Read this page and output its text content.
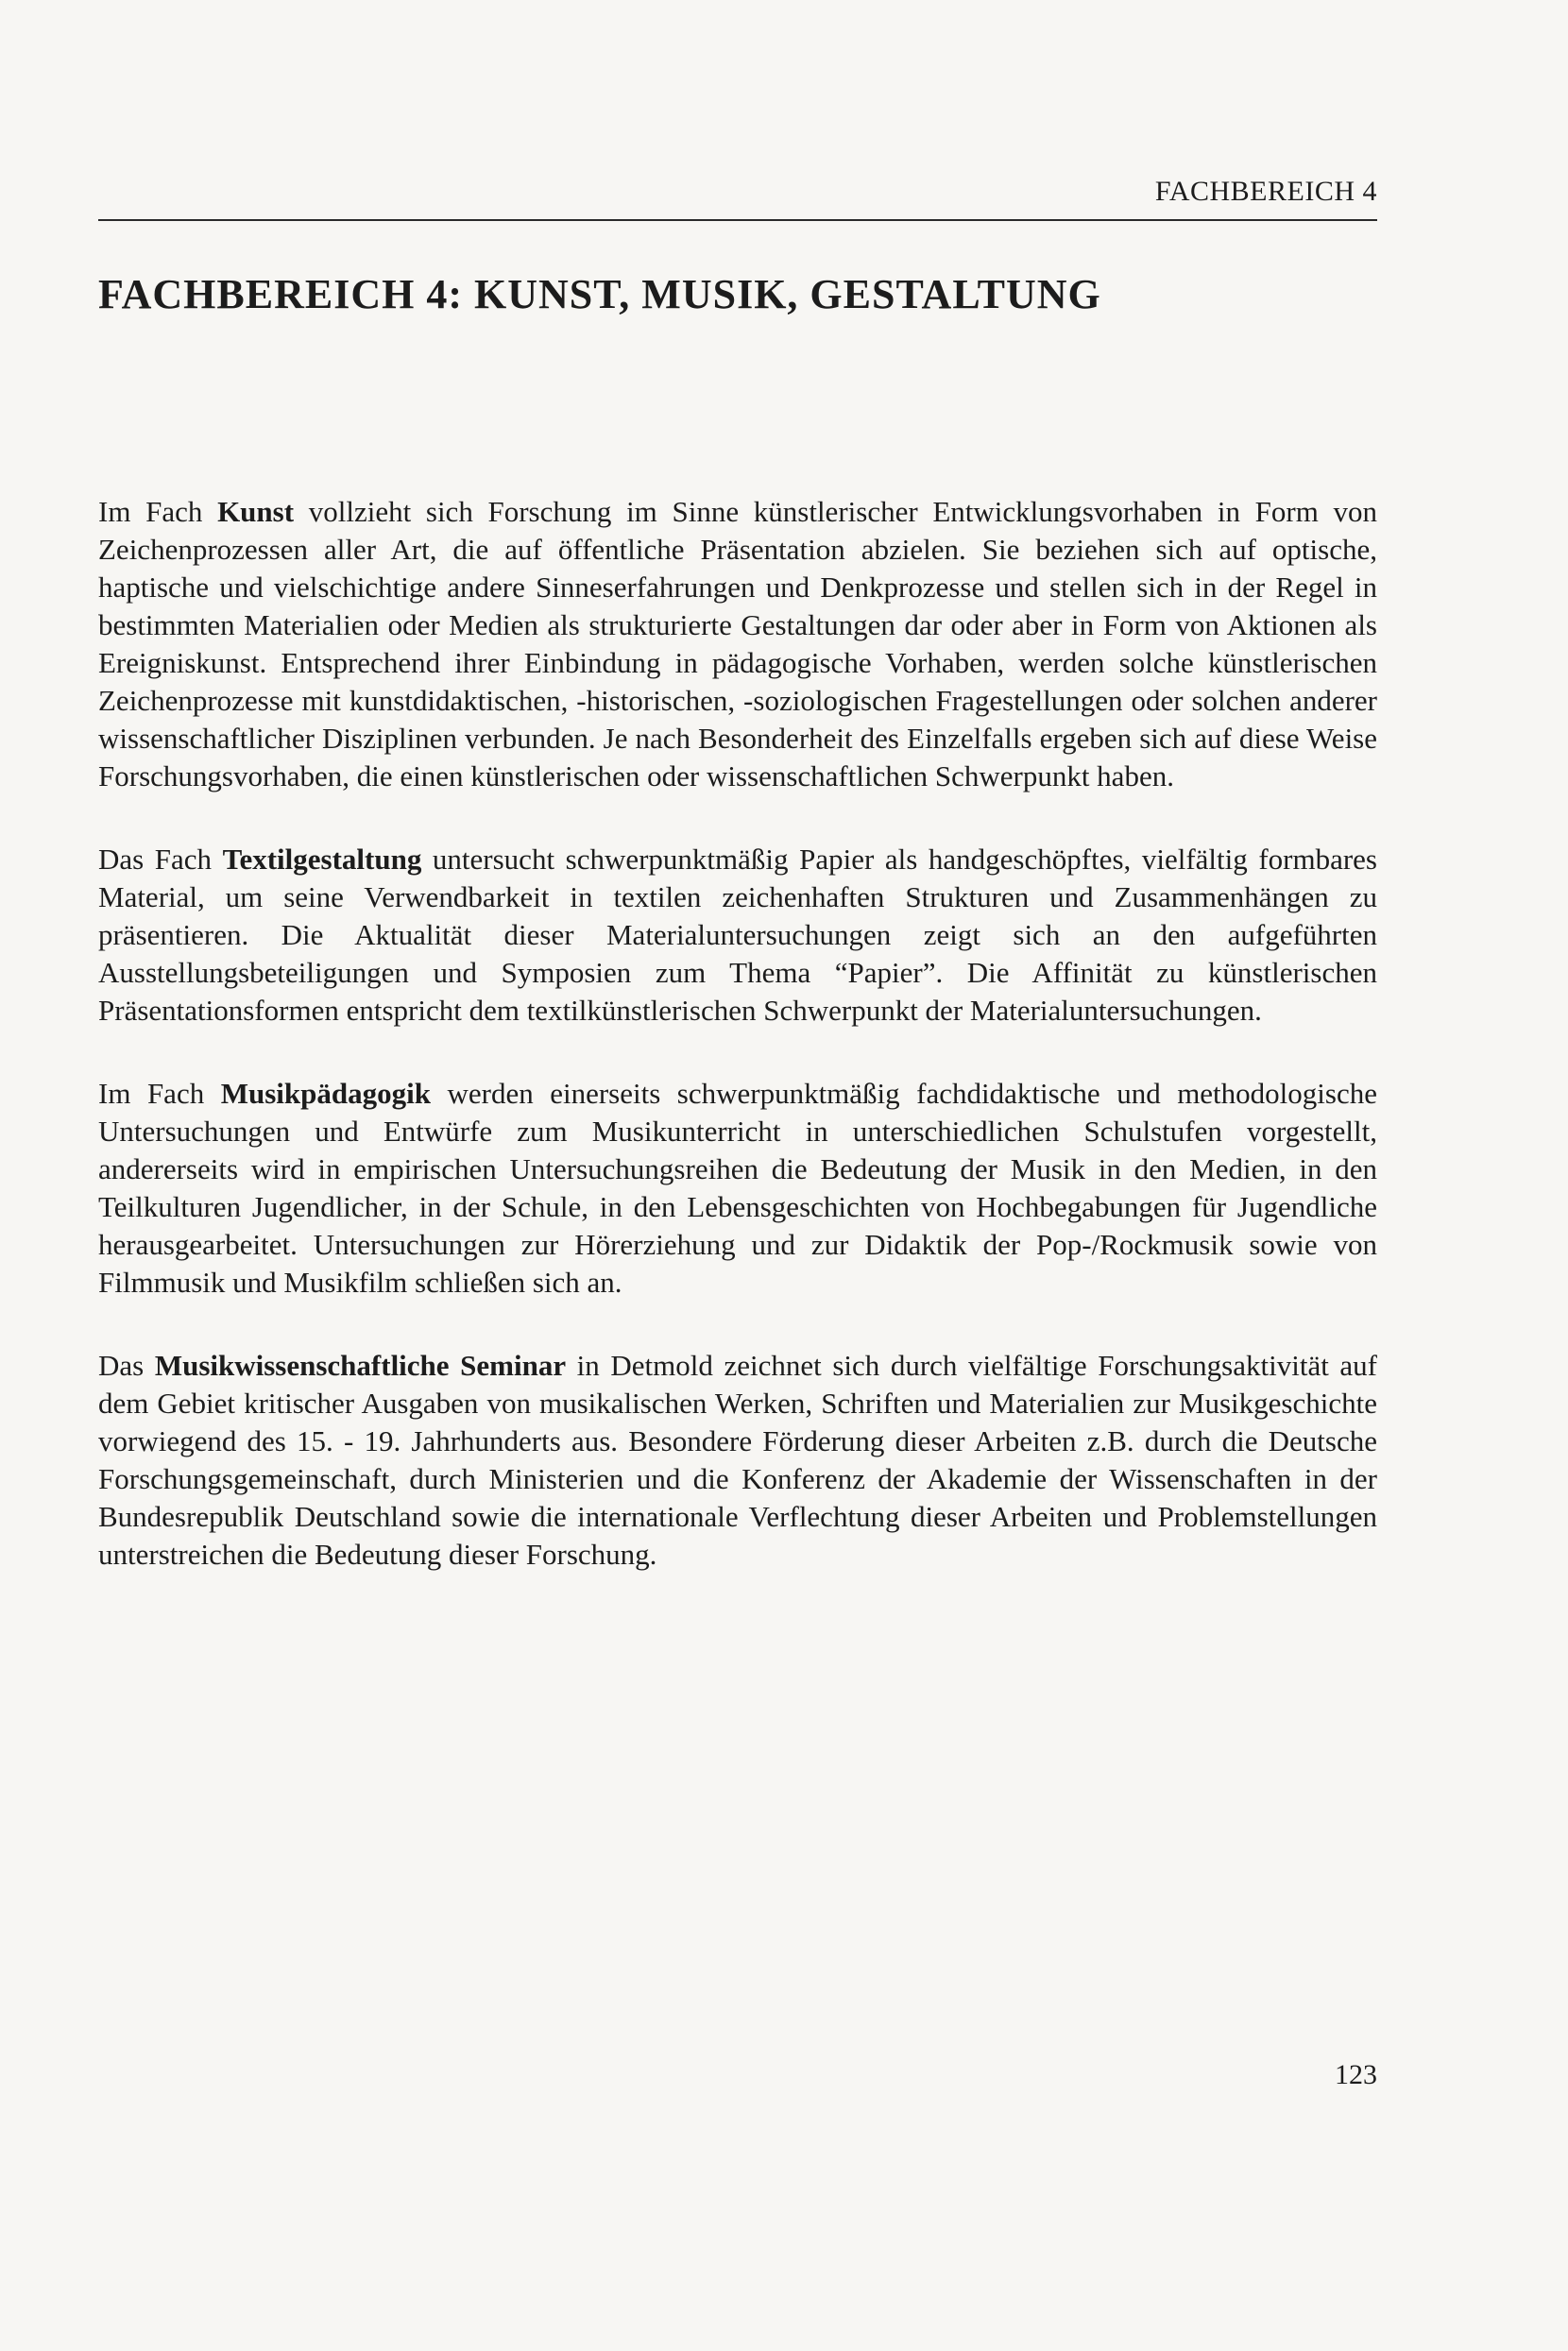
FACHBEREICH 4
FACHBEREICH 4: KUNST, MUSIK, GESTALTUNG

Im Fach Kunst vollzieht sich Forschung im Sinne künstlerischer Entwicklungsvorhaben in Form von Zeichenprozessen aller Art, die auf öffentliche Präsentation abzielen. Sie beziehen sich auf optische, haptische und vielschichtige andere Sinneserfahrungen und Denkprozesse und stellen sich in der Regel in bestimmten Materialien oder Medien als strukturierte Gestaltungen dar oder aber in Form von Aktionen als Ereigniskunst. Entsprechend ihrer Einbindung in pädagogische Vorhaben, werden solche künstlerischen Zeichenprozesse mit kunstdidaktischen, -historischen, -soziologischen Fragestellungen oder solchen anderer wissenschaftlicher Disziplinen verbunden. Je nach Besonderheit des Einzelfalls ergeben sich auf diese Weise Forschungsvorhaben, die einen künstlerischen oder wissenschaftlichen Schwerpunkt haben.

Das Fach Textilgestaltung untersucht schwerpunktmäßig Papier als handgeschöpftes, vielfältig formbares Material, um seine Verwendbarkeit in textilen zeichenhaften Strukturen und Zusammenhängen zu präsentieren. Die Aktualität dieser Materialuntersuchungen zeigt sich an den aufgeführten Ausstellungsbeteiligungen und Symposien zum Thema “Papier”. Die Affinität zu künstlerischen Präsentationsformen entspricht dem textilkünstlerischen Schwerpunkt der Materialuntersuchungen.

Im Fach Musikpädagogik werden einerseits schwerpunktmäßig fachdidaktische und methodologische Untersuchungen und Entwürfe zum Musikunterricht in unterschiedlichen Schulstufen vorgestellt, andererseits wird in empirischen Untersuchungsreihen die Bedeutung der Musik in den Medien, in den Teilkulturen Jugendlicher, in der Schule, in den Lebensgeschichten von Hochbegabungen für Jugendliche herausgearbeitet. Untersuchungen zur Hörerziehung und zur Didaktik der Pop-/Rockmusik sowie von Filmmusik und Musikfilm schließen sich an.

Das Musikwissenschaftliche Seminar in Detmold zeichnet sich durch vielfältige Forschungsaktivität auf dem Gebiet kritischer Ausgaben von musikalischen Werken, Schriften und Materialien zur Musikgeschichte vorwiegend des 15. - 19. Jahrhunderts aus. Besondere Förderung dieser Arbeiten z.B. durch die Deutsche Forschungsgemeinschaft, durch Ministerien und die Konferenz der Akademie der Wissenschaften in der Bundesrepublik Deutschland sowie die internationale Verflechtung dieser Arbeiten und Problemstellungen unterstreichen die Bedeutung dieser Forschung.

123
